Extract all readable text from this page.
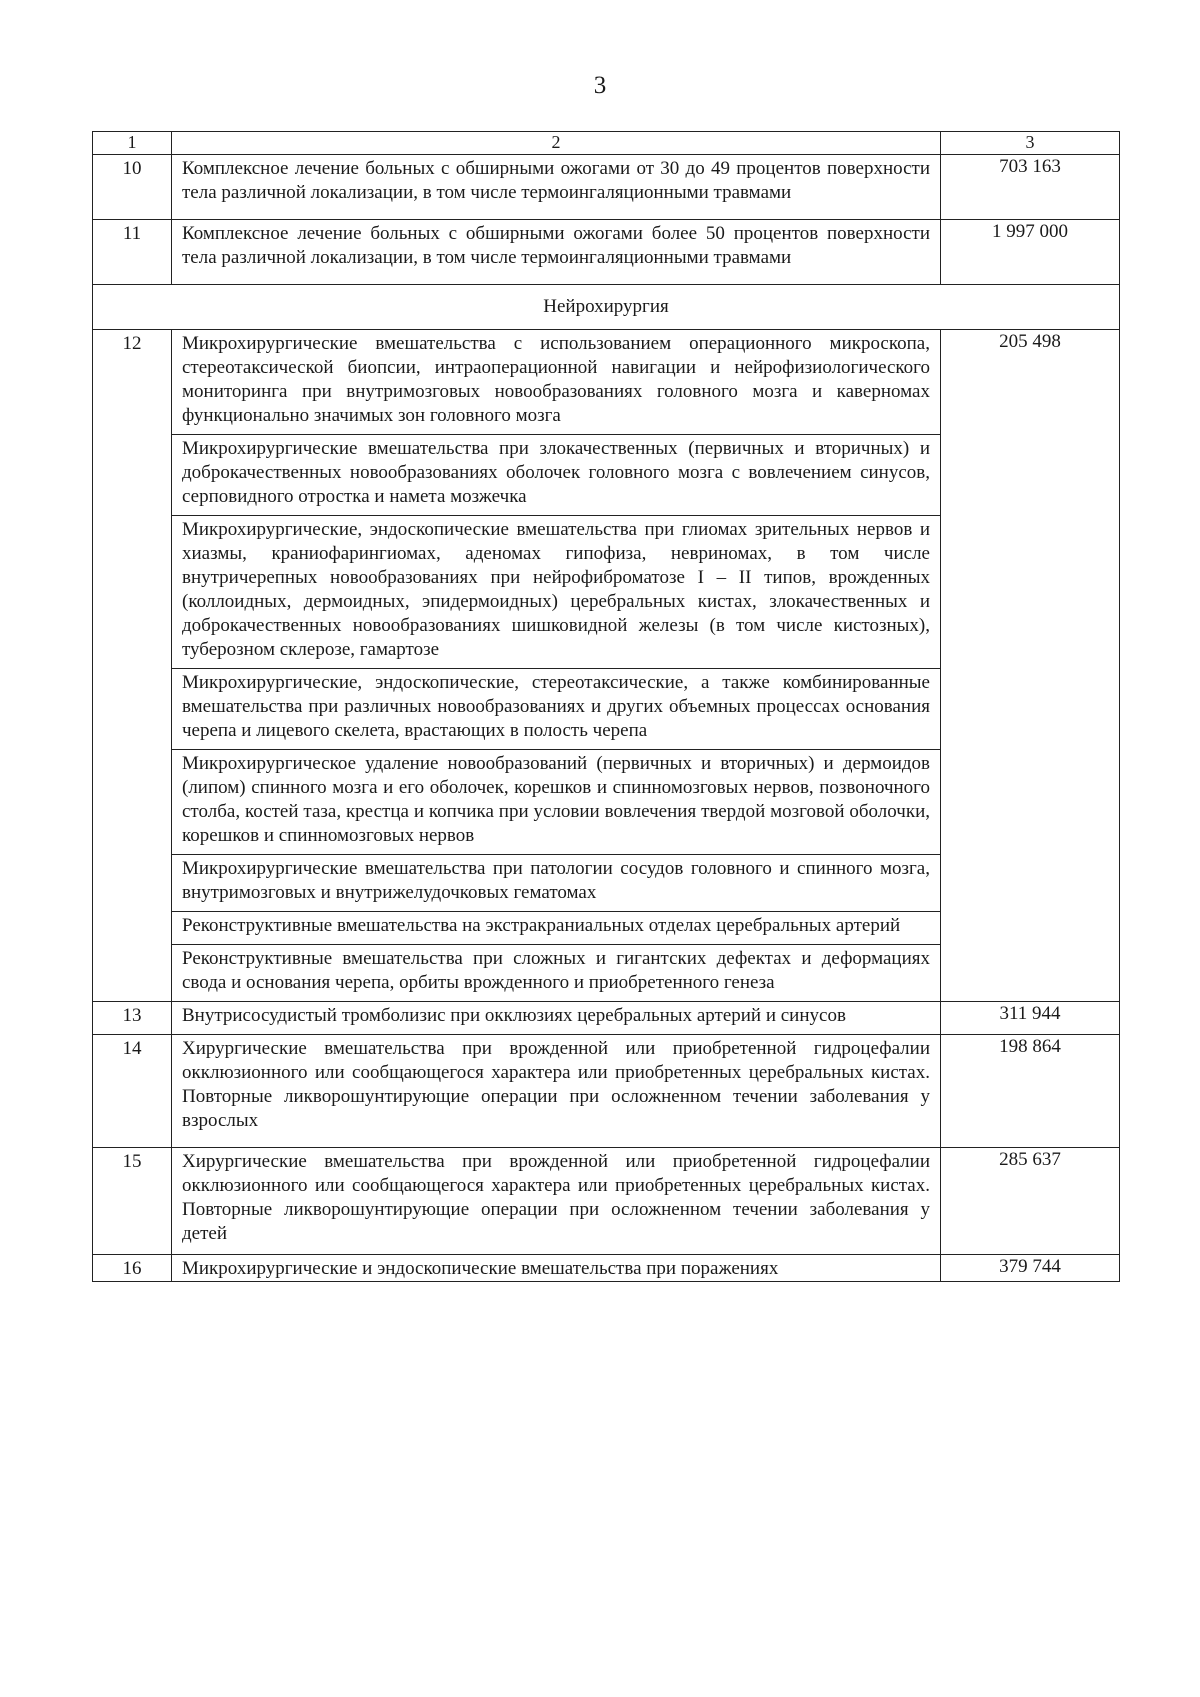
3
1	2	3

10	Комплексное лечение больных с обширными ожогами от 30 до 49 процентов поверхности тела различной локализации, в том числе термоингаляционными травмами	703 163

11	Комплексное лечение больных с обширными ожогами более 50 процентов поверхности тела различной локализации, в том числе термоингаляционными травмами	1 997 000

Нейрохирургия		

12	Микрохирургические вмешательства с использованием операционного микроскопа, стереотаксической биопсии, интраоперационной навигации и нейрофизиологического мониторинга при внутримозговых новообразованиях головного мозга и каверномах функционально значимых зон головного мозга	205 498

	Микрохирургические вмешательства при злокачественных (первичных и вторичных) и доброкачественных новообразованиях оболочек головного мозга с вовлечением синусов, серповидного отростка и намета мозжечка	

	Микрохирургические, эндоскопические вмешательства при глиомах зрительных нервов и хиазмы, краниофарингиомах, аденомах гипофиза, невриномах, в том числе внутричерепных новообразованиях при нейрофиброматозе I – II типов, врожденных (коллоидных, дермоидных, эпидермоидных) церебральных кистах, злокачественных и доброкачественных новообразованиях шишковидной железы (в том числе кистозных), туберозном склерозе, гамартозе	

	Микрохирургические, эндоскопические, стереотаксические, а также комбинированные вмешательства при различных новообразованиях и других объемных процессах основания черепа и лицевого скелета, врастающих в полость черепа	

	Микрохирургическое удаление новообразований (первичных и вторичных) и дермоидов (липом) спинного мозга и его оболочек, корешков и спинномозговых нервов, позвоночного столба, костей таза, крестца и копчика при условии вовлечения твердой мозговой оболочки, корешков и спинномозговых нервов	

	Микрохирургические вмешательства при патологии сосудов головного и спинного мозга, внутримозговых и внутрижелудочковых гематомах	

	Реконструктивные вмешательства на экстракраниальных отделах церебральных артерий	

	Реконструктивные вмешательства при сложных и гигантских дефектах и деформациях свода и основания черепа, орбиты врожденного и приобретенного генеза	

13	Внутрисосудистый тромболизис при окклюзиях церебральных артерий и синусов	311 944

14	Хирургические вмешательства при врожденной или приобретенной гидроцефалии окклюзионного или сообщающегося характера или приобретенных церебральных кистах. Повторные ликворошунтирующие операции при осложненном течении заболевания у взрослых	198 864

15	Хирургические вмешательства при врожденной или приобретенной гидроцефалии окклюзионного или сообщающегося характера или приобретенных церебральных кистах. Повторные ликворошунтирующие операции при осложненном течении заболевания у детей	285 637

16	Микрохирургические и эндоскопические вмешательства при поражениях	379 744
